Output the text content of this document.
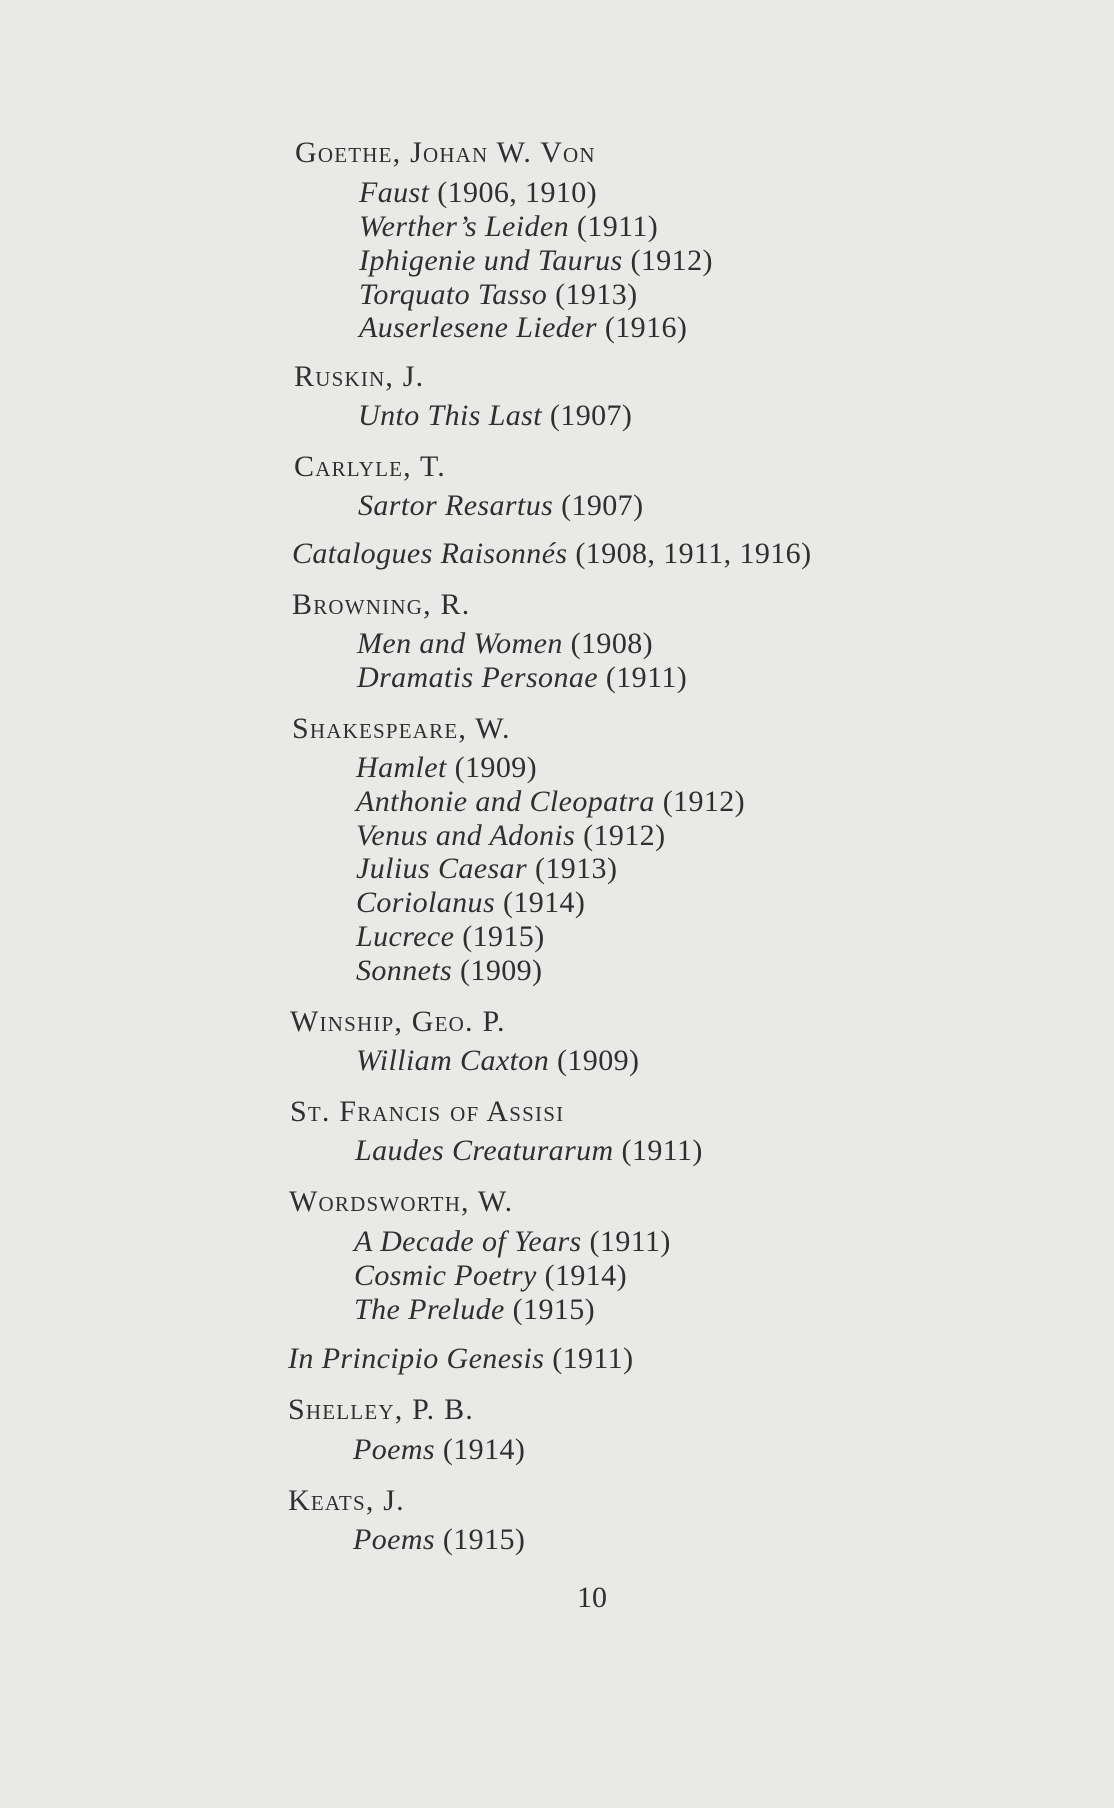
Goethe, Johan W. Von
Faust (1906, 1910)
Werther’s Leiden (1911)
Iphigenie und Taurus (1912)
Torquato Tasso (1913)
Auserlesene Lieder (1916)
Ruskin, J.
Unto This Last (1907)
Carlyle, T.
Sartor Resartus (1907)
Catalogues Raisonnés (1908, 1911, 1916)
Browning, R.
Men and Women (1908)
Dramatis Personae (1911)
Shakespeare, W.
Hamlet (1909)
Anthonie and Cleopatra (1912)
Venus and Adonis (1912)
Julius Caesar (1913)
Coriolanus (1914)
Lucrece (1915)
Sonnets (1909)
Winship, Geo. P.
William Caxton (1909)
St. Francis of Assisi
Laudes Creaturarum (1911)
Wordsworth, W.
A Decade of Years (1911)
Cosmic Poetry (1914)
The Prelude (1915)
In Principio Genesis (1911)
Shelley, P. B.
Poems (1914)
Keats, J.
Poems (1915)
10
